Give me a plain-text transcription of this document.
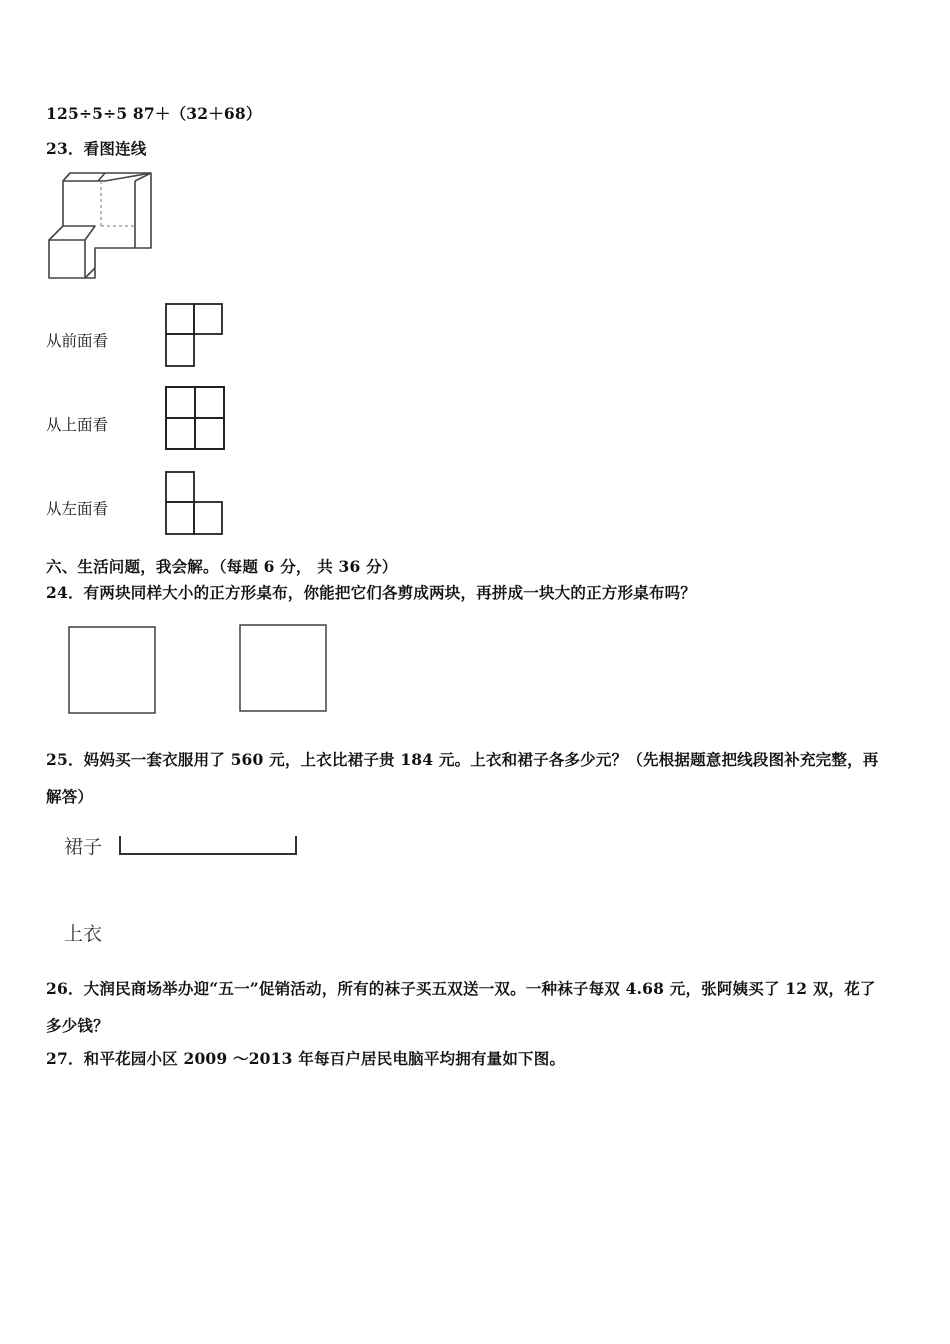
125÷5÷5 87＋（32＋68）
23．看图连线
从前面看
从上面看
从左面看
六、生活问题，我会解。（每题 6 分， 共 36 分）
24．有两块同样大小的正方形桌布，你能把它们各剪成两块，再拼成一块大的正方形桌布吗？
25．妈妈买一套衣服用了 560 元，上衣比裙子贵 184 元。上衣和裙子各多少元？（先根据题意把线段图补充完整，再
解答）
裙子
上衣
26．大润民商场举办迎“五一”促销活动，所有的袜子买五双送一双。一种袜子每双 4.68 元，张阿姨买了 12 双，花了
多少钱？
27．和平花园小区 2009 ～2013 年每百户居民电脑平均拥有量如下图。
